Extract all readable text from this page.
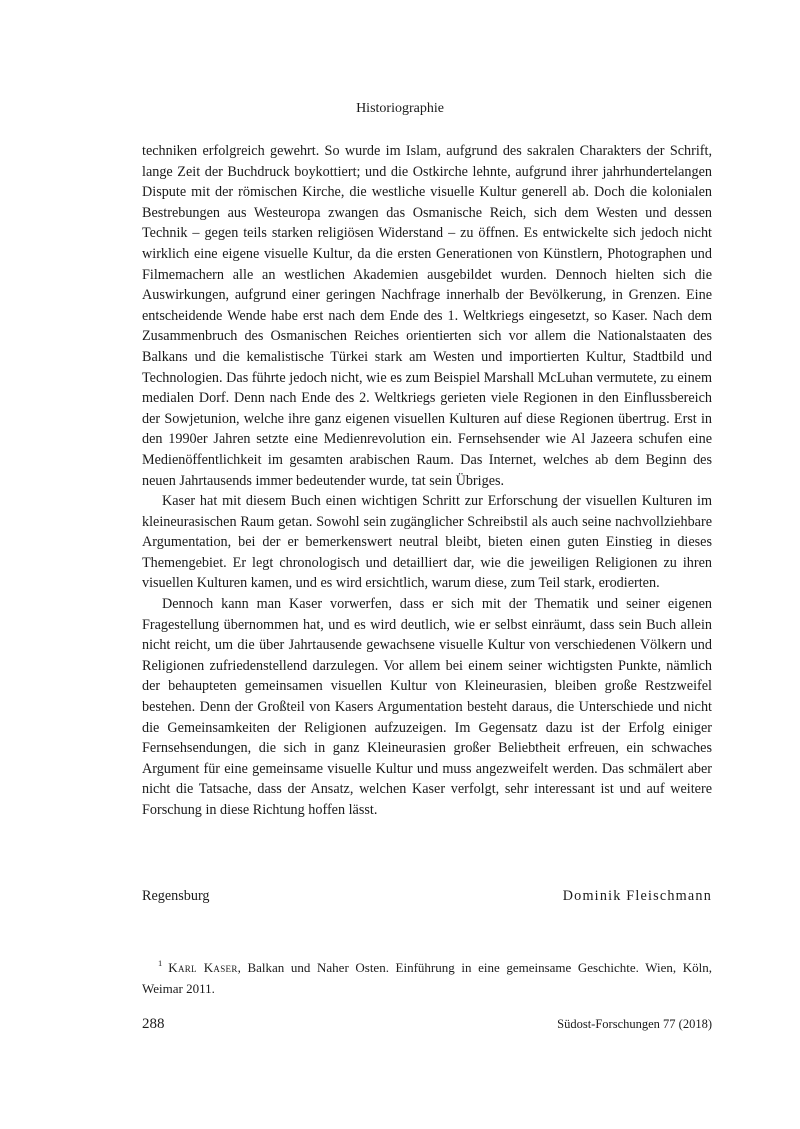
Historiographie

techniken erfolgreich gewehrt. So wurde im Islam, aufgrund des sakralen Charakters der Schrift, lange Zeit der Buchdruck boykottiert; und die Ostkirche lehnte, aufgrund ihrer jahrhundertelangen Dispute mit der römischen Kirche, die westliche visuelle Kultur generell ab. Doch die kolonialen Bestrebungen aus Westeuropa zwangen das Osmanische Reich, sich dem Westen und dessen Technik – gegen teils starken religiösen Widerstand – zu öffnen. Es entwickelte sich jedoch nicht wirklich eine eigene visuelle Kultur, da die ersten Generationen von Künstlern, Photographen und Filmemachern alle an westlichen Akademien ausgebildet wurden. Dennoch hielten sich die Auswirkungen, aufgrund einer geringen Nachfrage innerhalb der Bevölkerung, in Grenzen. Eine entscheidende Wende habe erst nach dem Ende des 1. Weltkriegs eingesetzt, so Kaser. Nach dem Zusammenbruch des Osmanischen Reiches orientierten sich vor allem die Nationalstaaten des Balkans und die kemalistische Türkei stark am Westen und importierten Kultur, Stadtbild und Technologien. Das führte jedoch nicht, wie es zum Beispiel Marshall McLuhan vermutete, zu einem medialen Dorf. Denn nach Ende des 2. Weltkriegs gerieten viele Regionen in den Einflussbereich der Sowjetunion, welche ihre ganz eigenen visuellen Kulturen auf diese Regionen übertrug. Erst in den 1990er Jahren setzte eine Medienrevolution ein. Fernsehsender wie Al Jazeera schufen eine Medienöffentlichkeit im gesamten arabischen Raum. Das Internet, welches ab dem Beginn des neuen Jahrtausends immer bedeutender wurde, tat sein Übriges.

Kaser hat mit diesem Buch einen wichtigen Schritt zur Erforschung der visuellen Kulturen im kleineurasischen Raum getan. Sowohl sein zugänglicher Schreibstil als auch seine nachvollziehbare Argumentation, bei der er bemerkenswert neutral bleibt, bieten einen guten Einstieg in dieses Themengebiet. Er legt chronologisch und detailliert dar, wie die jeweiligen Religionen zu ihren visuellen Kulturen kamen, und es wird ersichtlich, warum diese, zum Teil stark, erodierten.

Dennoch kann man Kaser vorwerfen, dass er sich mit der Thematik und seiner eigenen Fragestellung übernommen hat, und es wird deutlich, wie er selbst einräumt, dass sein Buch allein nicht reicht, um die über Jahrtausende gewachsene visuelle Kultur von verschiedenen Völkern und Religionen zufriedenstellend darzulegen. Vor allem bei einem seiner wichtigsten Punkte, nämlich der behaupteten gemeinsamen visuellen Kultur von Kleineurasien, bleiben große Restzweifel bestehen. Denn der Großteil von Kasers Argumentation besteht daraus, die Unterschiede und nicht die Gemeinsamkeiten der Religionen aufzuzeigen. Im Gegensatz dazu ist der Erfolg einiger Fernsehsendungen, die sich in ganz Kleineurasien großer Beliebtheit erfreuen, ein schwaches Argument für eine gemeinsame visuelle Kultur und muss angezweifelt werden. Das schmälert aber nicht die Tatsache, dass der Ansatz, welchen Kaser verfolgt, sehr interessant ist und auf weitere Forschung in diese Richtung hoffen lässt.

Regensburg	Dominik Fleischmann
$^1$ Karl Kaser, Balkan und Naher Osten. Einführung in eine gemeinsame Geschichte. Wien, Köln, Weimar 2011.
288	Südost-Forschungen 77 (2018)
